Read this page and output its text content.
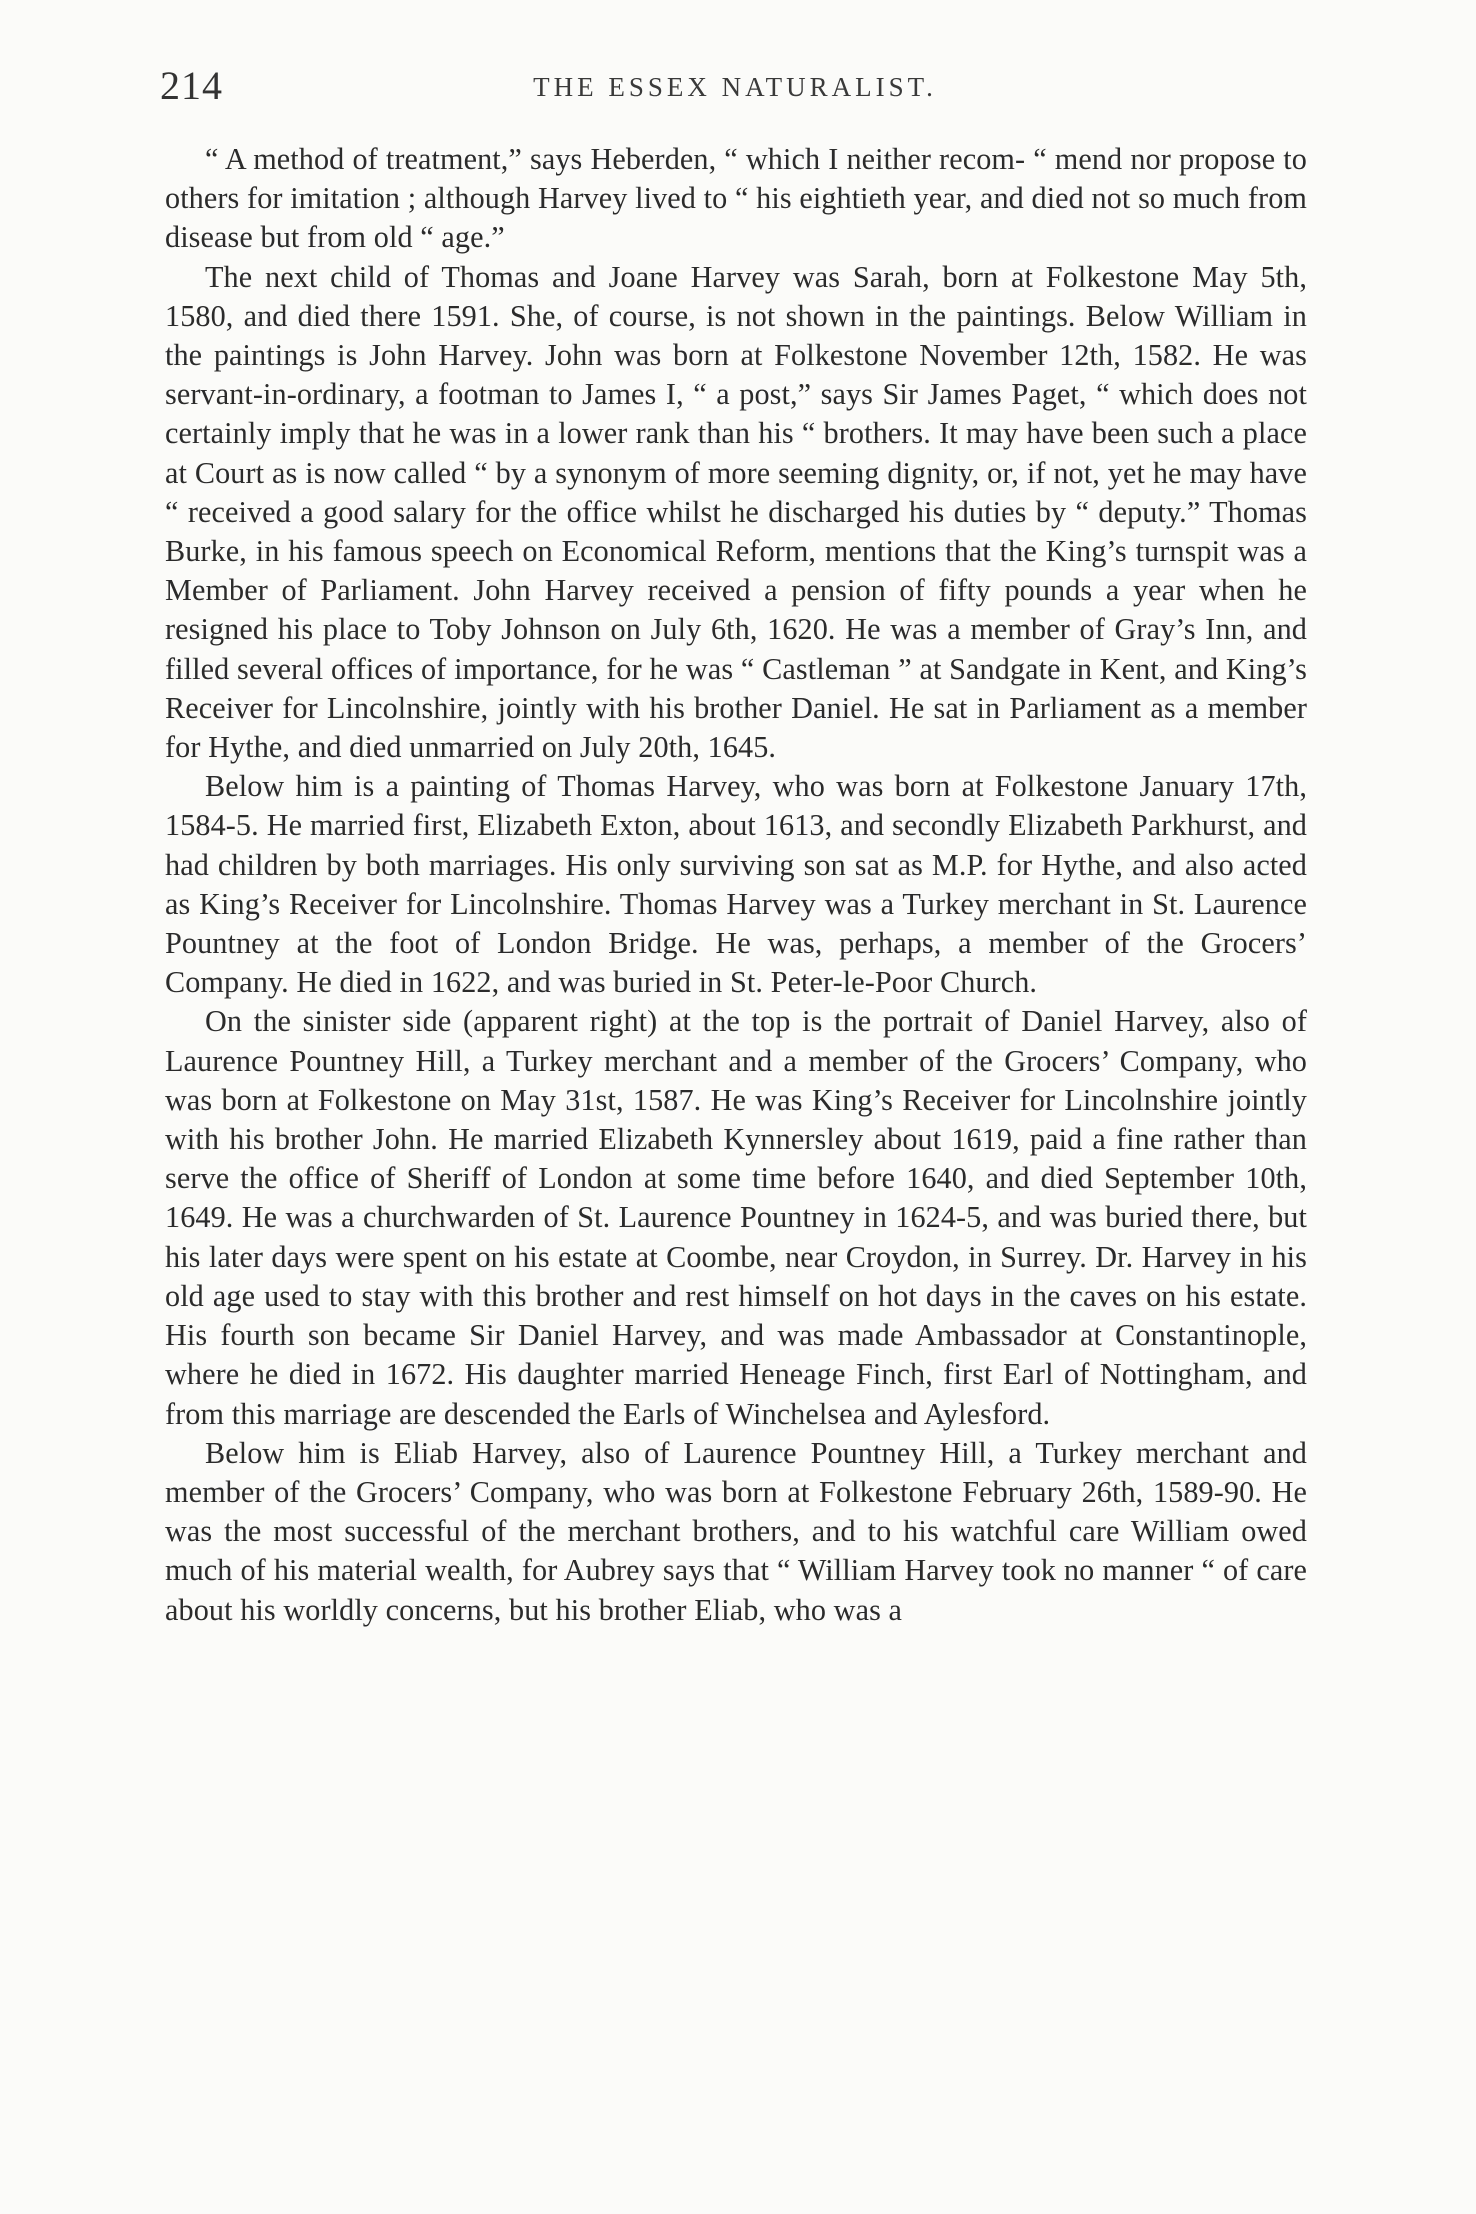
214	THE ESSEX NATURALIST.

“ A method of treatment,” says Heberden, “ which I neither recom- “ mend nor propose to others for imitation ; although Harvey lived to “ his eightieth year, and died not so much from disease but from old “ age.”

The next child of Thomas and Joane Harvey was Sarah, born at Folkestone May 5th, 1580, and died there 1591. She, of course, is not shown in the paintings. Below William in the paintings is John Harvey. John was born at Folkestone November 12th, 1582. He was servant-in-ordinary, a footman to James I, “ a post,” says Sir James Paget, “ which does not certainly imply that he was in a lower rank than his “ brothers. It may have been such a place at Court as is now called “ by a synonym of more seeming dignity, or, if not, yet he may have “ received a good salary for the office whilst he discharged his duties by “ deputy.” Thomas Burke, in his famous speech on Economical Reform, mentions that the King’s turnspit was a Member of Parliament. John Harvey received a pension of fifty pounds a year when he resigned his place to Toby Johnson on July 6th, 1620. He was a member of Gray’s Inn, and filled several offices of importance, for he was “ Castleman ” at Sandgate in Kent, and King’s Receiver for Lincolnshire, jointly with his brother Daniel. He sat in Parliament as a member for Hythe, and died unmarried on July 20th, 1645.

Below him is a painting of Thomas Harvey, who was born at Folkestone January 17th, 1584-5. He married first, Elizabeth Exton, about 1613, and secondly Elizabeth Parkhurst, and had children by both marriages. His only surviving son sat as M.P. for Hythe, and also acted as King’s Receiver for Lincolnshire. Thomas Harvey was a Turkey merchant in St. Laurence Pountney at the foot of London Bridge. He was, perhaps, a member of the Grocers’ Company. He died in 1622, and was buried in St. Peter-le-Poor Church.

On the sinister side (apparent right) at the top is the portrait of Daniel Harvey, also of Laurence Pountney Hill, a Turkey merchant and a member of the Grocers’ Company, who was born at Folkestone on May 31st, 1587. He was King’s Receiver for Lincolnshire jointly with his brother John. He married Elizabeth Kynnersley about 1619, paid a fine rather than serve the office of Sheriff of London at some time before 1640, and died September 10th, 1649. He was a churchwarden of St. Laurence Pountney in 1624-5, and was buried there, but his later days were spent on his estate at Coombe, near Croydon, in Surrey. Dr. Harvey in his old age used to stay with this brother and rest himself on hot days in the caves on his estate. His fourth son became Sir Daniel Harvey, and was made Ambassador at Constantinople, where he died in 1672. His daughter married Heneage Finch, first Earl of Nottingham, and from this marriage are descended the Earls of Winchelsea and Aylesford.

Below him is Eliab Harvey, also of Laurence Pountney Hill, a Turkey merchant and member of the Grocers’ Company, who was born at Folkestone February 26th, 1589-90. He was the most successful of the merchant brothers, and to his watchful care William owed much of his material wealth, for Aubrey says that “ William Harvey took no manner “ of care about his worldly concerns, but his brother Eliab, who was a
